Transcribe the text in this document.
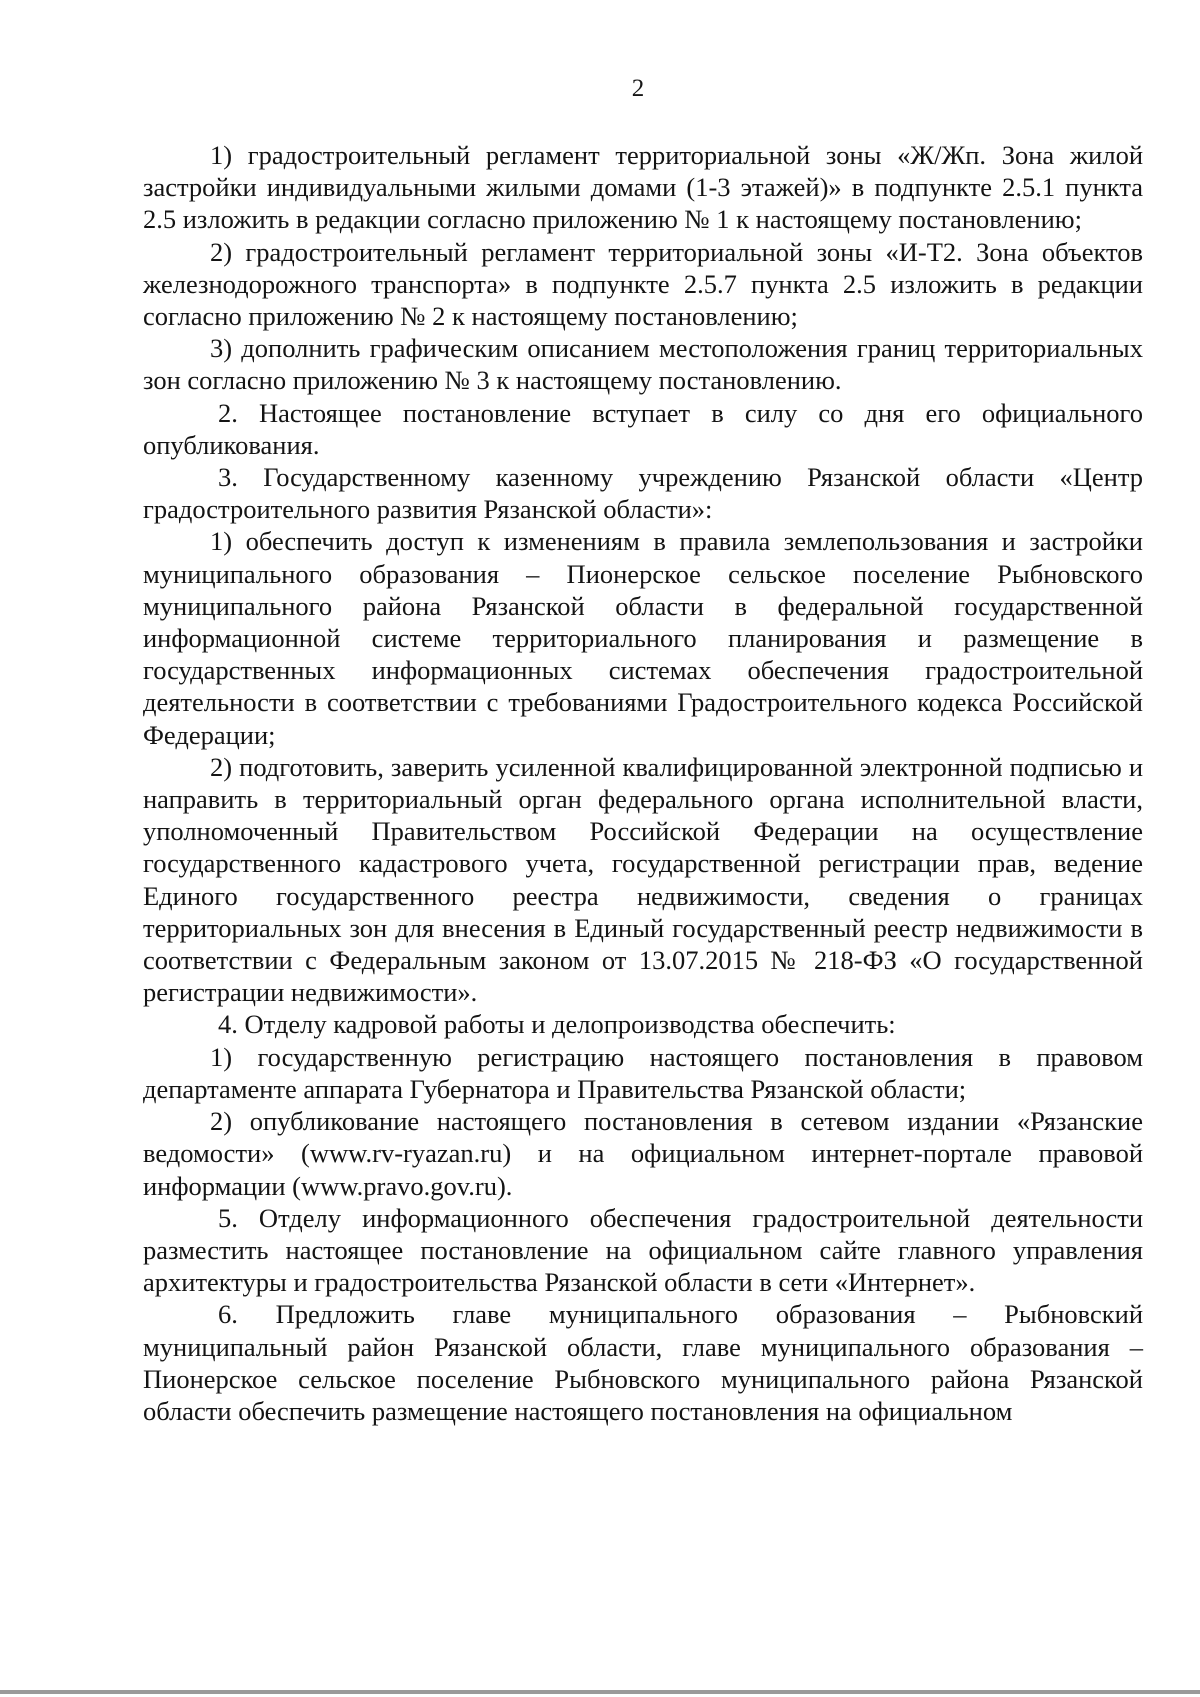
2

1) градостроительный регламент территориальной зоны «Ж/Жп. Зона жилой застройки индивидуальными жилыми домами (1-3 этажей)» в подпункте 2.5.1 пункта 2.5 изложить в редакции согласно приложению № 1 к настоящему постановлению;

2) градостроительный регламент территориальной зоны «И-Т2. Зона объектов железнодорожного транспорта» в подпункте 2.5.7 пункта 2.5 изложить в редакции согласно приложению № 2 к настоящему постановлению;

3) дополнить графическим описанием местоположения границ территориальных зон согласно приложению № 3 к настоящему постановлению.

2. Настоящее постановление вступает в силу со дня его официального опубликования.

3. Государственному казенному учреждению Рязанской области «Центр градостроительного развития Рязанской области»:

1) обеспечить доступ к изменениям в правила землепользования и застройки муниципального образования – Пионерское сельское поселение Рыбновского муниципального района Рязанской области в федеральной государственной информационной системе территориального планирования и размещение в государственных информационных системах обеспечения градостроительной деятельности в соответствии с требованиями Градостроительного кодекса Российской Федерации;

2) подготовить, заверить усиленной квалифицированной электронной подписью и направить в территориальный орган федерального органа исполнительной власти, уполномоченный Правительством Российской Федерации на осуществление государственного кадастрового учета, государственной регистрации прав, ведение Единого государственного реестра недвижимости, сведения о границах территориальных зон для внесения в Единый государственный реестр недвижимости в соответствии с Федеральным законом от 13.07.2015 № 218-ФЗ «О государственной регистрации недвижимости».

4. Отделу кадровой работы и делопроизводства обеспечить:

1) государственную регистрацию настоящего постановления в правовом департаменте аппарата Губернатора и Правительства Рязанской области;

2) опубликование настоящего постановления в сетевом издании «Рязанские ведомости» (www.rv-ryazan.ru) и на официальном интернет-портале правовой информации (www.pravo.gov.ru).

5. Отделу информационного обеспечения градостроительной деятельности разместить настоящее постановление на официальном сайте главного управления архитектуры и градостроительства Рязанской области в сети «Интернет».

6. Предложить главе муниципального образования – Рыбновский муниципальный район Рязанской области, главе муниципального образования – Пионерское сельское поселение Рыбновского муниципального района Рязанской области обеспечить размещение настоящего постановления на официальном
